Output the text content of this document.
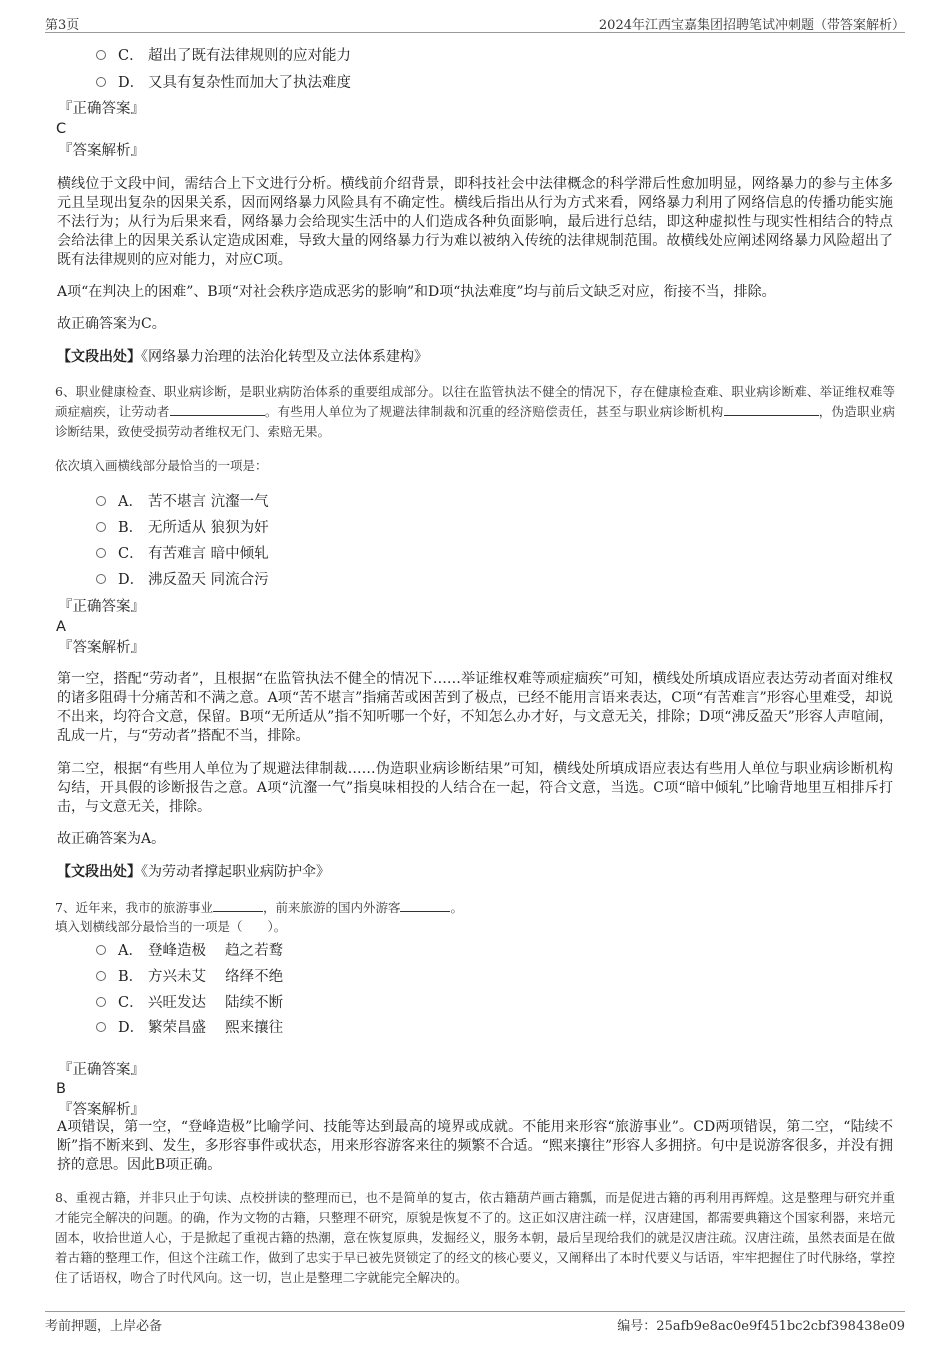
第3页	2024年江西宝嘉集团招聘笔试冲刺题（带答案解析）
C． 超出了既有法律规则的应对能力
D． 又具有复杂性而加大了执法难度
『正确答案』
C
『答案解析』
横线位于文段中间，需结合上下文进行分析。横线前介绍背景，即科技社会中法律概念的科学滞后性愈加明显，网络暴力的参与主体多元且呈现出复杂的因果关系，因而网络暴力风险具有不确定性。横线后指出从行为方式来看，网络暴力利用了网络信息的传播功能实施不法行为；从行为后果来看，网络暴力会给现实生活中的人们造成各种负面影响，最后进行总结，即这种虚拟性与现实性相结合的特点会给法律上的因果关系认定造成困难，导致大量的网络暴力行为难以被纳入传统的法律规制范围。故横线处应阐述网络暴力风险超出了既有法律规则的应对能力，对应C项。
A项“在判决上的困难”、B项“对社会秩序造成恶劣的影响”和D项“执法难度”均与前后文缺乏对应，衔接不当，排除。
故正确答案为C。
【文段出处】《网络暴力治理的法治化转型及立法体系建构》
6、职业健康检查、职业病诊断，是职业病防治体系的重要组成部分。以往在监管执法不健全的情况下，存在健康检查难、职业病诊断难、举证维权难等顽症痼疾，让劳动者	。有些用人单位为了规避法律制裁和沉重的经济赔偿责任，甚至与职业病诊断机构	，伪造职业病诊断结果，致使受损劳动者维权无门、索赔无果。
依次填入画横线部分最恰当的一项是：
A． 苦不堪言 沆瀣一气
B． 无所适从 狼狈为奸
C． 有苦难言 暗中倾轧
D． 沸反盈天 同流合污
『正确答案』
A
『答案解析』
第一空，搭配“劳动者”，且根据“在监管执法不健全的情况下……举证维权难等顽症痼疾”可知，横线处所填成语应表达劳动者面对维权的诸多阻碍十分痛苦和不满之意。A项“苦不堪言”指痛苦或困苦到了极点，已经不能用言语来表达，C项“有苦难言”形容心里难受，却说不出来，均符合文意，保留。B项“无所适从”指不知听哪一个好，不知怎么办才好，与文意无关，排除；D项“沸反盈天”形容人声喧闹，乱成一片，与“劳动者”搭配不当，排除。
第二空，根据“有些用人单位为了规避法律制裁……伪造职业病诊断结果”可知，横线处所填成语应表达有些用人单位与职业病诊断机构勾结，开具假的诊断报告之意。A项“沆瀣一气”指臭味相投的人结合在一起，符合文意，当选。C项“暗中倾轧”比喻背地里互相排斥打击，与文意无关，排除。
故正确答案为A。
【文段出处】《为劳动者撑起职业病防护伞》
7、近年来，我市的旅游事业	，前来旅游的国内外游客	。
填入划横线部分最恰当的一项是（　　）。
A． 登峰造极　 趋之若鹜
B． 方兴未艾　 络绎不绝
C． 兴旺发达　 陆续不断
D． 繁荣昌盛　 熙来攘往
『正确答案』
B
『答案解析』
A项错误，第一空，“登峰造极”比喻学问、技能等达到最高的境界或成就。不能用来形容“旅游事业”。CD两项错误，第二空，“陆续不断”指不断来到、发生，多形容事件或状态，用来形容游客来往的频繁不合适。“熙来攘往”形容人多拥挤。句中是说游客很多，并没有拥挤的意思。因此B项正确。
8、重视古籍，并非只止于句读、点校拼读的整理而已，也不是简单的复古，依古籍葫芦画古籍瓢，而是促进古籍的再利用再辉煌。这是整理与研究并重才能完全解决的问题。的确，作为文物的古籍，只整理不研究，原貌是恢复不了的。这正如汉唐注疏一样，汉唐建国，都需要典籍这个国家利器，来培元固本，收拾世道人心，于是掀起了重视古籍的热潮，意在恢复原典，发掘经义，服务本朝，最后呈现给我们的就是汉唐注疏。汉唐注疏，虽然表面是在做着古籍的整理工作，但这个注疏工作，做到了忠实于早已被先贤锁定了的经文的核心要义，又阐释出了本时代要义与话语，牢牢把握住了时代脉络，掌控住了话语权，吻合了时代风向。这一切，岂止是整理二字就能完全解决的。
考前押题，上岸必备	编号：25afb9e8ac0e9f451bc2cbf398438e09
